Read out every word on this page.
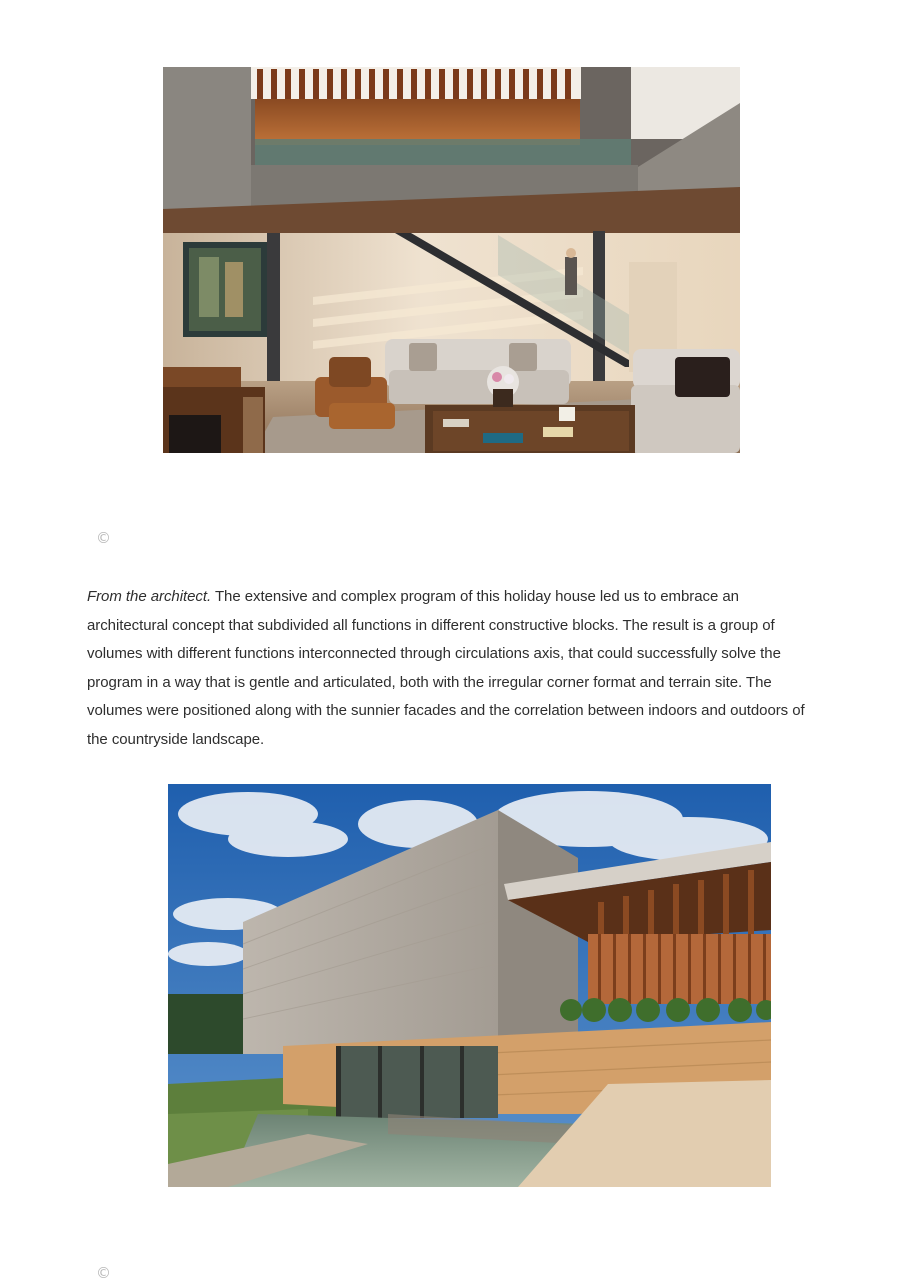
©

From the architect. The extensive and complex program of this holiday house led us to embrace an architectural concept that subdivided all functions in different constructive blocks. The result is a group of volumes with different functions interconnected through circulations axis, that could successfully solve the program in a way that is gentle and articulated, both with the irregular corner format and terrain site. The volumes were positioned along with the sunnier facades and the correlation between indoors and outdoors of the countryside landscape.

©
